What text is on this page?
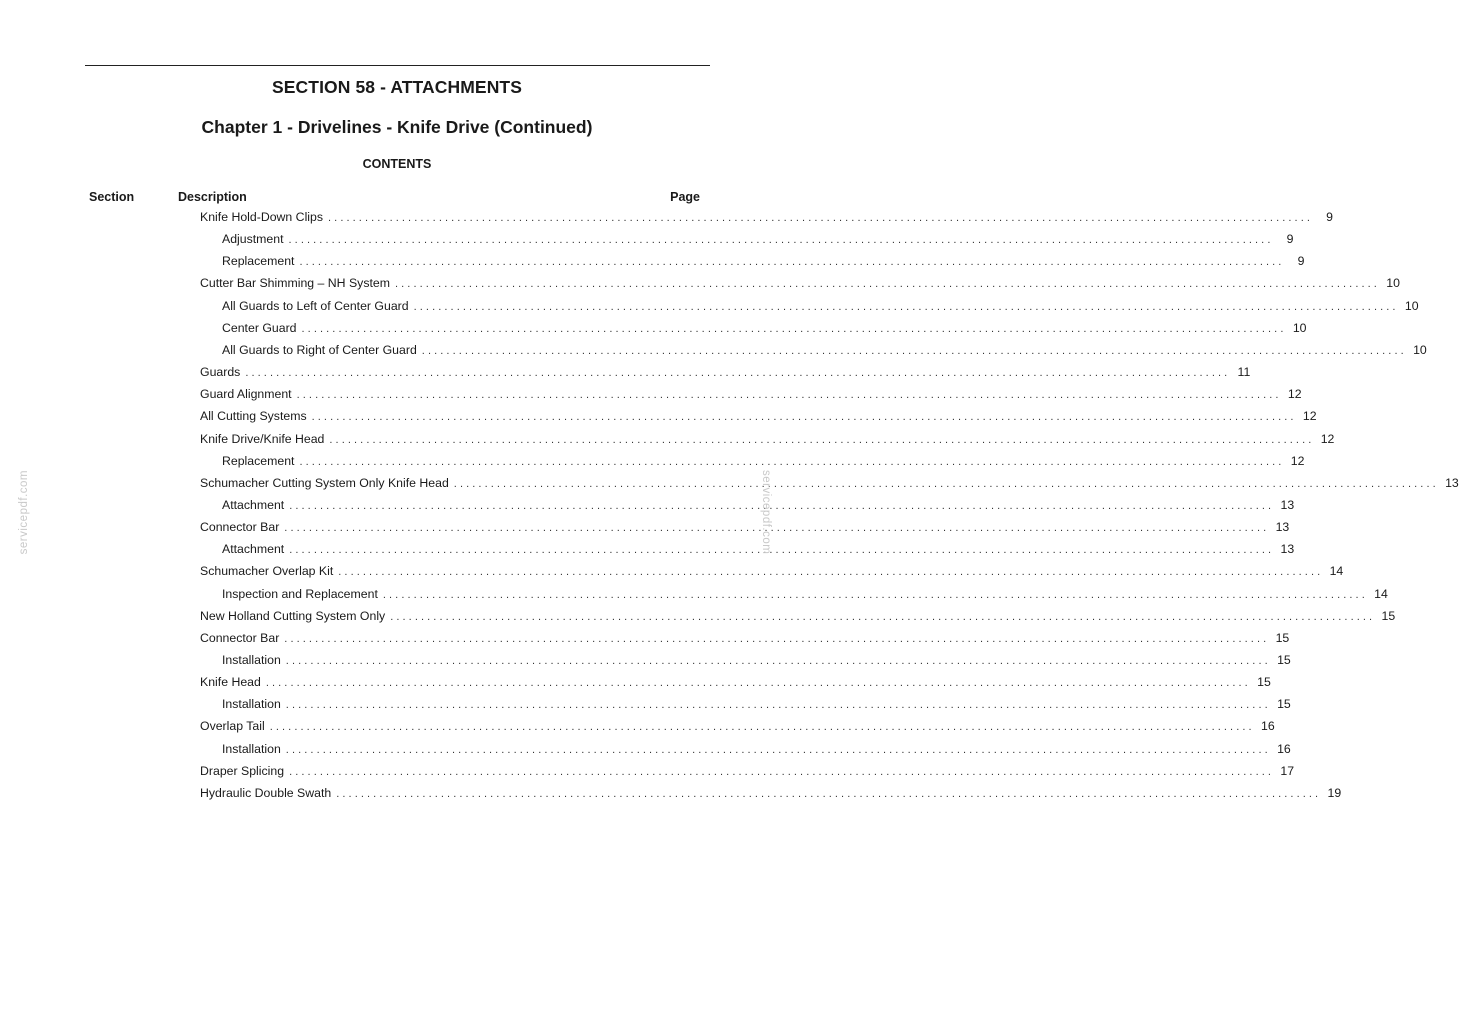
SECTION 58 - ATTACHMENTS
Chapter 1 - Drivelines - Knife Drive (Continued)
CONTENTS
Section	Description	Page
Knife Hold-Down Clips ................................................................................................................................................................	9
Adjustment ................................................................................................................................................................	9
Replacement ................................................................................................................................................................	9
Cutter Bar Shimming – NH System ................................................................................................................................................................ 10
All Guards to Left of Center Guard ................................................................................................................................................................ 10
Center Guard ................................................................................................................................................................ 10
All Guards to Right of Center Guard ................................................................................................................................................................ 10
Guards ................................................................................................................................................................ 11
Guard Alignment ................................................................................................................................................................ 12
All Cutting Systems ................................................................................................................................................................ 12
Knife Drive/Knife Head ................................................................................................................................................................ 12
Replacement ................................................................................................................................................................ 12
Schumacher Cutting System Only Knife Head ................................................................................................................................................................ 13
Attachment ................................................................................................................................................................ 13
Connector Bar ................................................................................................................................................................ 13
Attachment ................................................................................................................................................................ 13
Schumacher Overlap Kit ................................................................................................................................................................ 14
Inspection and Replacement ................................................................................................................................................................ 14
New Holland Cutting System Only ................................................................................................................................................................ 15
Connector Bar ................................................................................................................................................................ 15
Installation ................................................................................................................................................................ 15
Knife Head ................................................................................................................................................................ 15
Installation ................................................................................................................................................................ 15
Overlap Tail ................................................................................................................................................................ 16
Installation ................................................................................................................................................................ 16
Draper Splicing ................................................................................................................................................................ 17
Hydraulic Double Swath ................................................................................................................................................................ 19
servicepdf.com	servicepdf.com
